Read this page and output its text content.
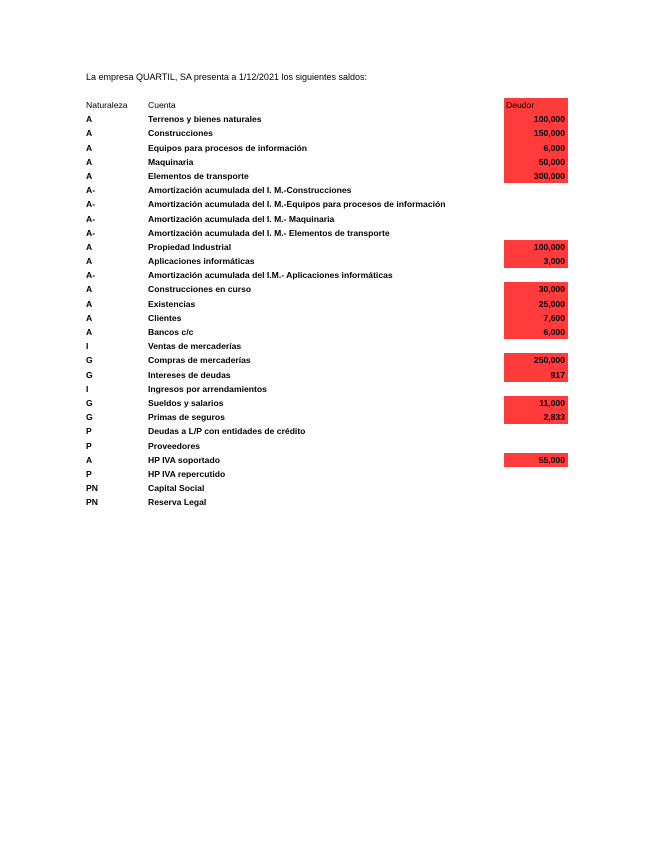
La empresa QUARTIL, SA presenta a 1/12/2021 los siguientes saldos:
Naturaleza Cuenta	Deudor
A	Terrenos y bienes naturales	100,000
A	Construcciones	150,000
A	Equipos para procesos de información	6,000
A	Maquinaria	50,000
A	Elementos de transporte	300,000
A-	Amortización acumulada del I. M.-Construcciones
A-	Amortización acumulada del I. M.-Equipos para procesos de información
A-	Amortización acumulada del I. M.- Maquinaria
A-	Amortización acumulada del I. M.- Elementos de transporte
A	Propiedad Industrial	100,000
A	Aplicaciones informáticas	3,000
A-	Amortización acumulada del I.M.- Aplicaciones informáticas
A	Construcciones en curso	30,000
A	Existencias	25,000
A	Clientes	7,600
A	Bancos c/c	6,000
I	Ventas de mercaderías
G	Compras de mercaderías	250,000
G	Intereses de deudas	917
I	Ingresos por arrendamientos
G	Sueldos y salarios	11,000
G	Primas de seguros	2,833
P	Deudas a L/P con entidades de crédito
P	Proveedores
A	HP IVA soportado	55,000
P	HP IVA repercutido
PN	Capital Social
PN	Reserva Legal
